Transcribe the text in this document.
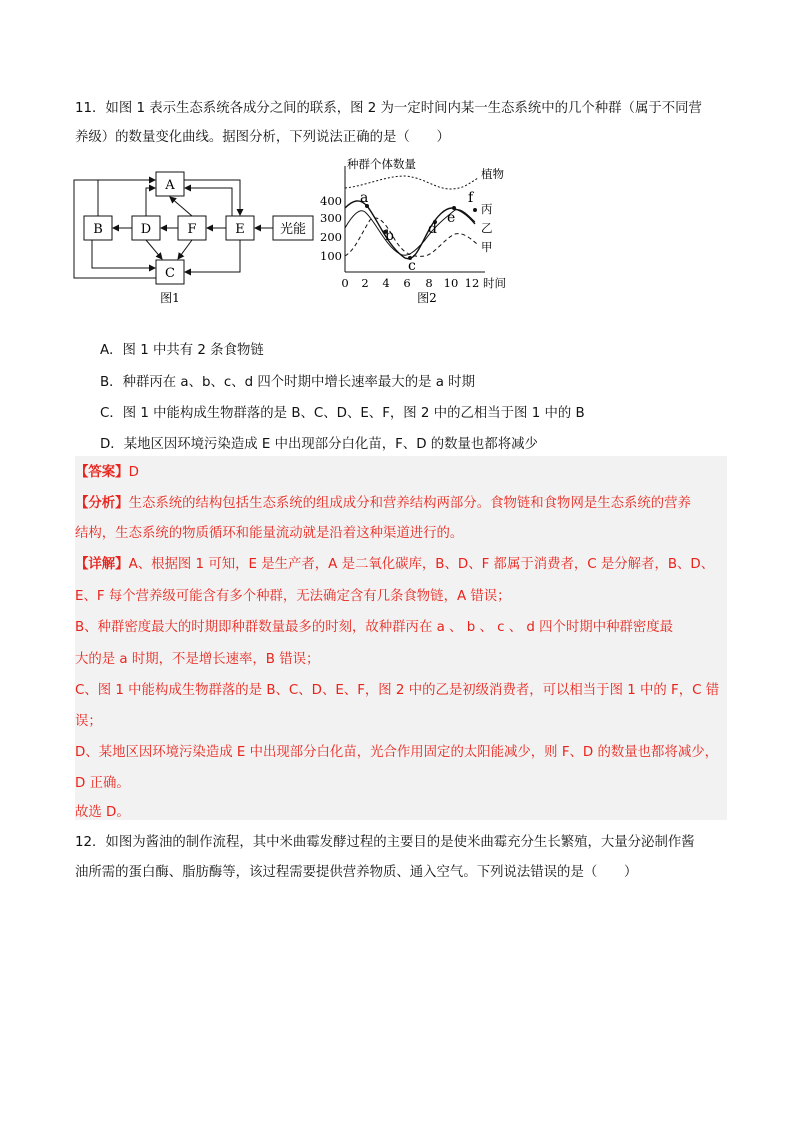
11．如图 1 表示生态系统各成分之间的联系，图 2 为一定时间内某一生态系统中的几个种群（属于不同营
养级）的数量变化曲线。据图分析，下列说法正确的是（　　）
A
B	D	F	E
C
光能
图1
种群个体数量
400
300
200
100
0 2 4 6 8 10 12 时间
植物
丙
乙
甲
a
b
c
d
e
f
图2
A．图 1 中共有 2 条食物链
B．种群丙在 a、b、c、d 四个时期中增长速率最大的是 a 时期
C．图 1 中能构成生物群落的是 B、C、D、E、F，图 2 中的乙相当于图 1 中的 B
D．某地区因环境污染造成 E 中出现部分白化苗，F、D 的数量也都将减少
【答案】D
【分析】生态系统的结构包括生态系统的组成成分和营养结构两部分。食物链和食物网是生态系统的营养
结构，生态系统的物质循环和能量流动就是沿着这种渠道进行的。
【详解】A、根据图 1 可知，E 是生产者，A 是二氧化碳库，B、D、F 都属于消费者，C 是分解者，B、D、
E、F 每个营养级可能含有多个种群，无法确定含有几条食物链，A 错误；
B、种群密度最大的时期即种群数量最多的时刻，故种群丙在 a 、 b 、 c 、 d 四个时期中种群密度最
大的是 a 时期，不是增长速率，B 错误；
C、图 1 中能构成生物群落的是 B、C、D、E、F，图 2 中的乙是初级消费者，可以相当于图 1 中的 F，C 错
误；
D、某地区因环境污染造成 E 中出现部分白化苗，光合作用固定的太阳能减少，则 F、D 的数量也都将减少，
D 正确。
故选 D。
12．如图为酱油的制作流程，其中米曲霉发酵过程的主要目的是使米曲霉充分生长繁殖，大量分泌制作酱
油所需的蛋白酶、脂肪酶等，该过程需要提供营养物质、通入空气。下列说法错误的是（　　）
